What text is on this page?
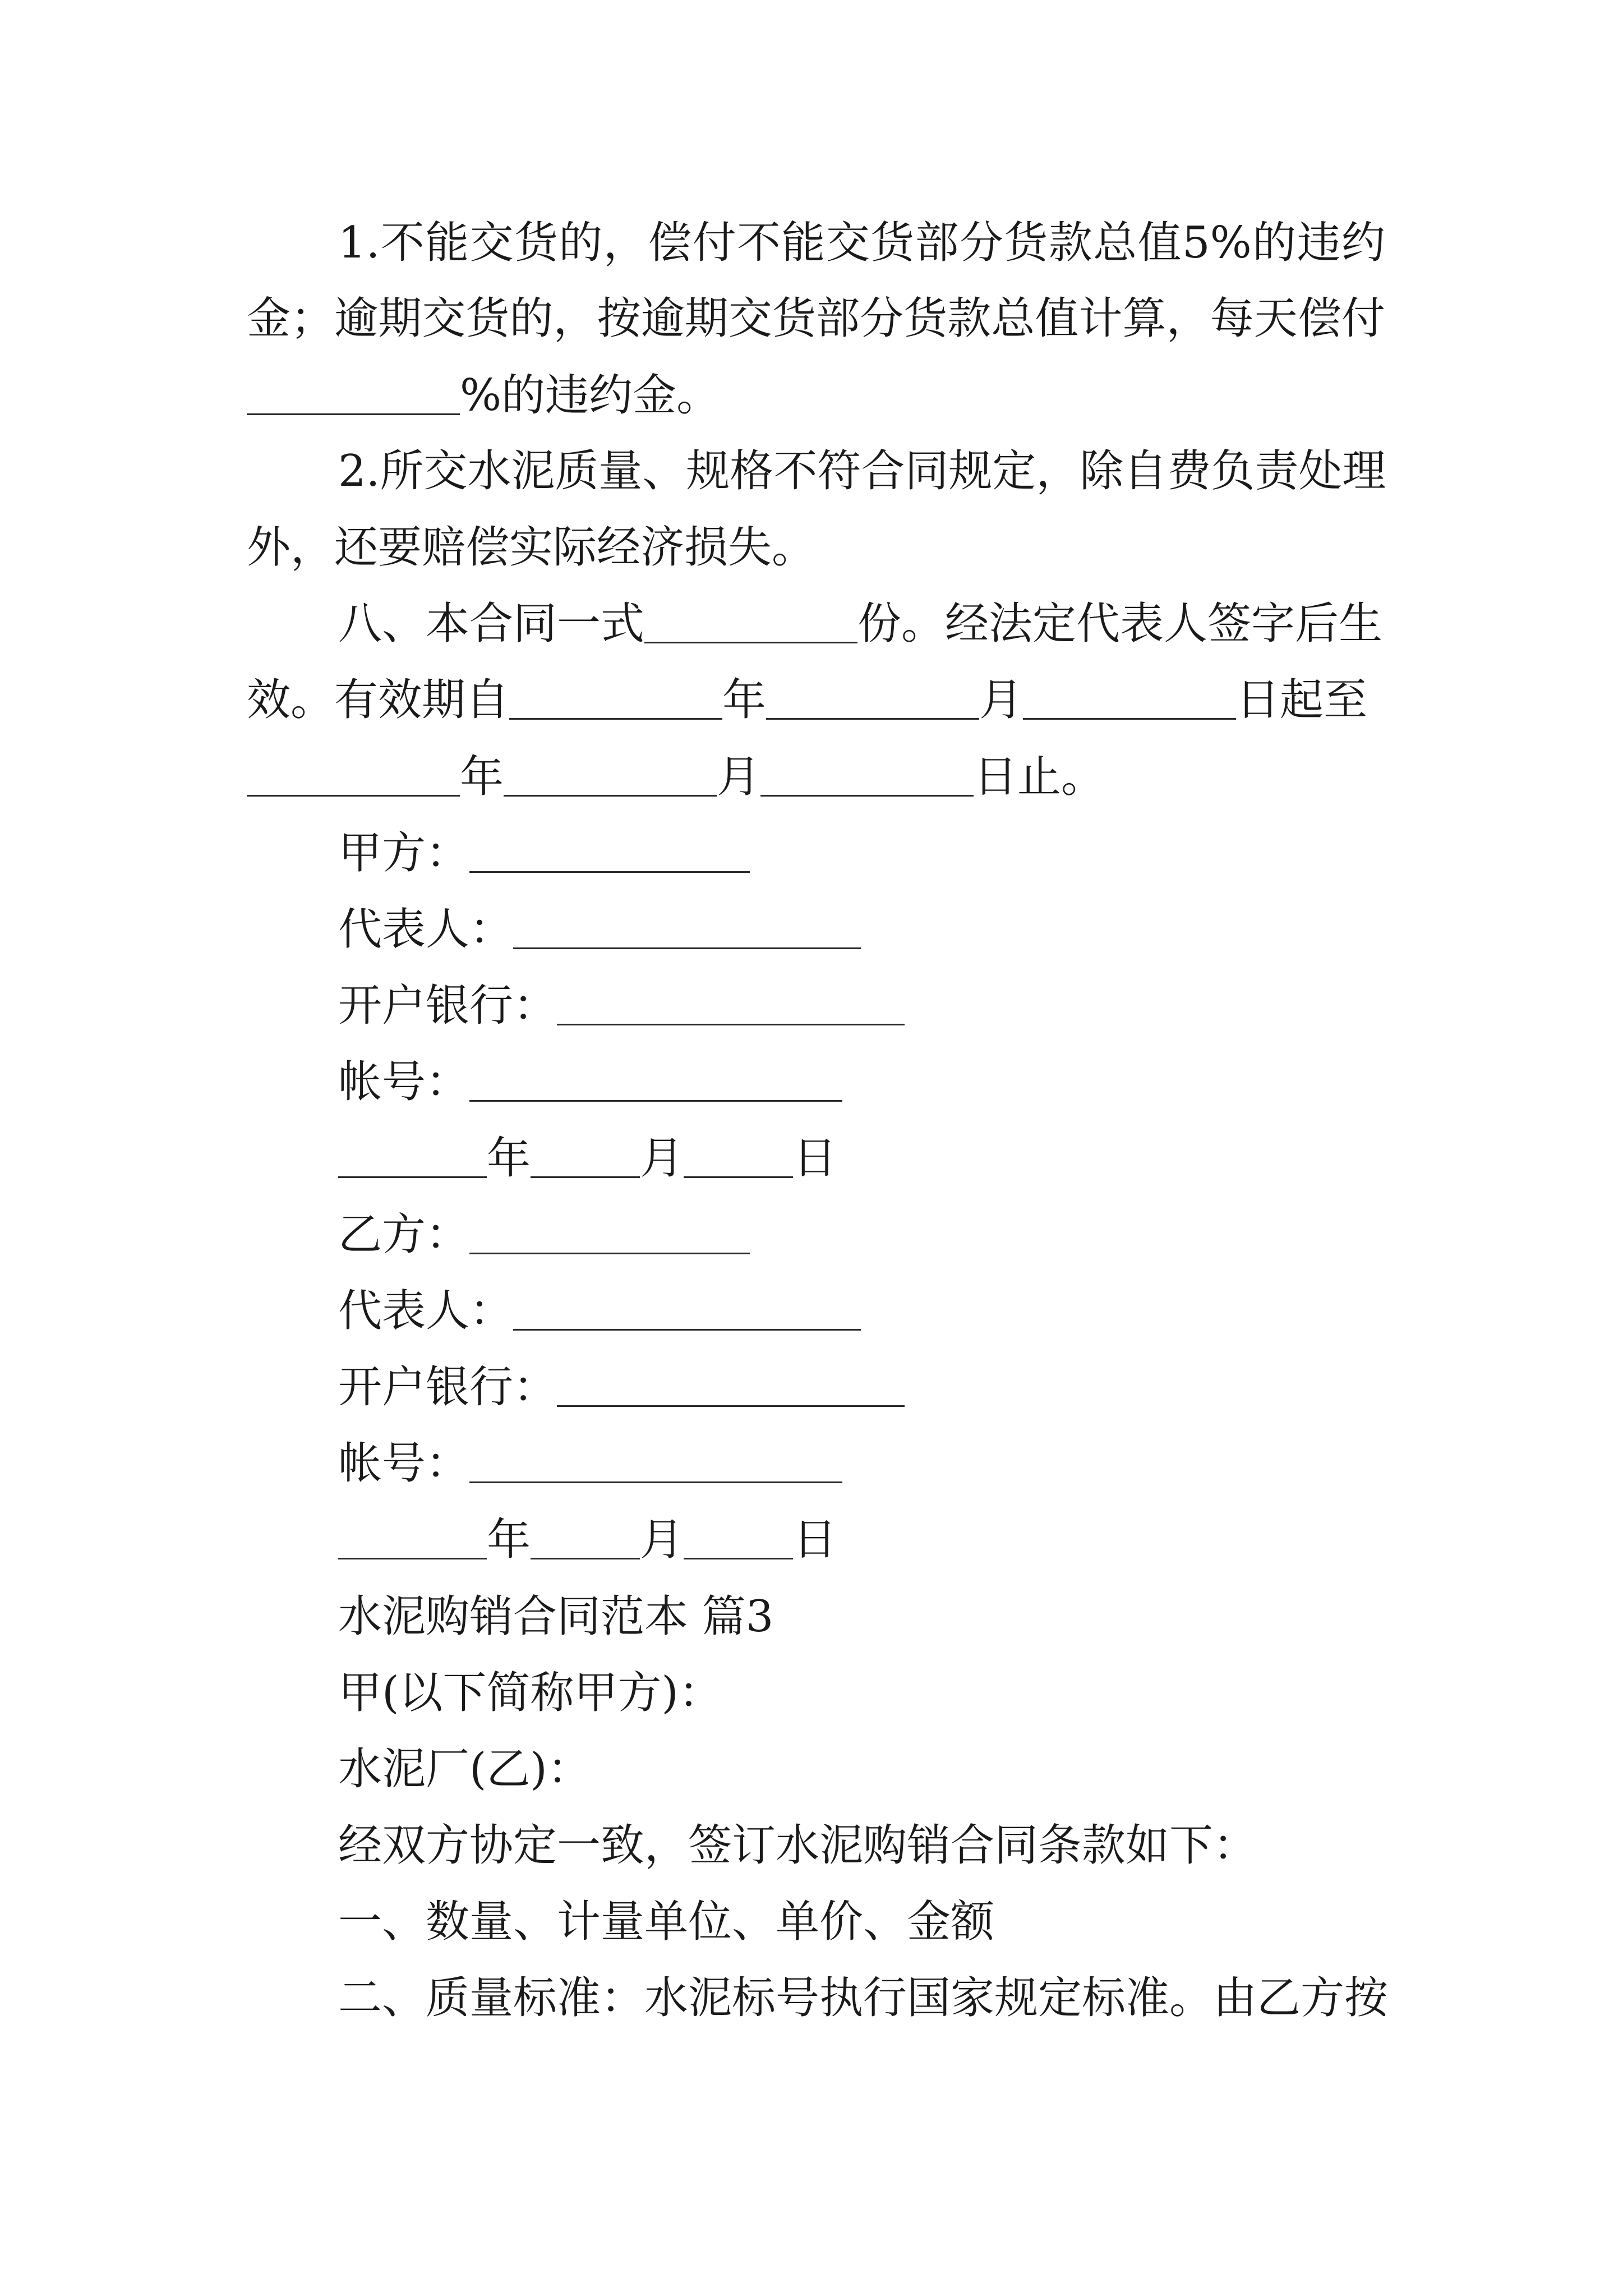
1.不能交货的，偿付不能交货部分货款总值5%的违约
金；逾期交货的，按逾期交货部分货款总值计算，每天偿付
%的违约金。
2.所交水泥质量、规格不符合同规定，除自费负责处理
外，还要赔偿实际经济损失。
八、本合同一式	份。经法定代表人签字后生
效。有效期自	年	月	日起至
年	月	日止。
甲方：
代表人：
开户银行：
帐号：
年	月	日
乙方：
代表人：
开户银行：
帐号：
年	月	日
水泥购销合同范本 篇3
甲(以下简称甲方)：
水泥厂(乙)：
经双方协定一致，签订水泥购销合同条款如下：
一、数量、计量单位、单价、金额
二、质量标准：水泥标号执行国家规定标准。由乙方按
